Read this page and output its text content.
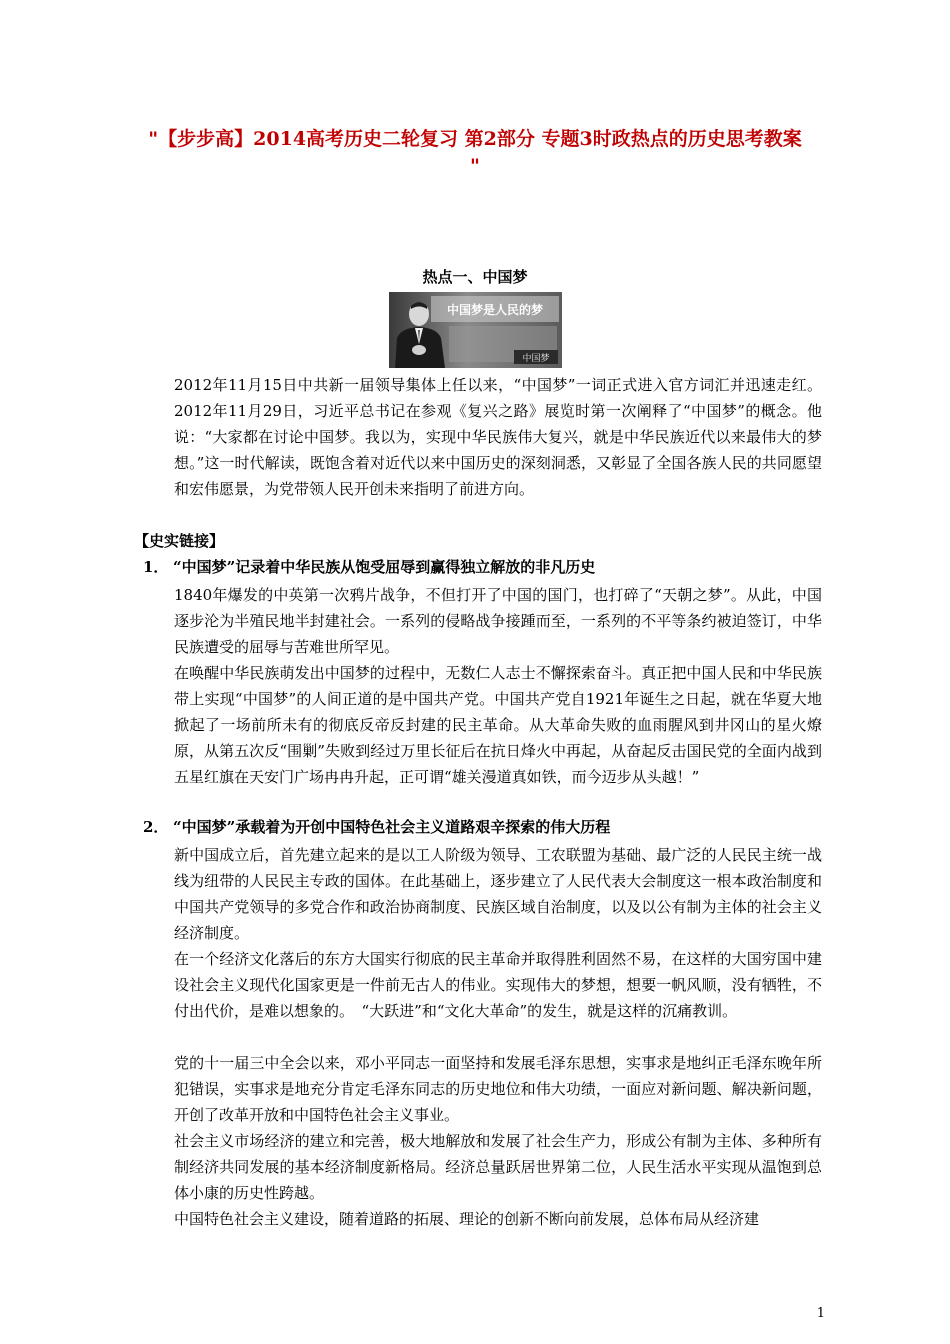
"【步步高】2014高考历史二轮复习 第2部分 专题3时政热点的历史思考教案
"
热点一、中国梦
中国梦是人民的梦
中国梦

2012年11月15日中共新一届领导集体上任以来，“中国梦”一词正式进入官方词汇并迅速走红。2012年11月29日，习近平总书记在参观《复兴之路》展览时第一次阐释了“中国梦”的概念。他说：“大家都在讨论中国梦。我以为，实现中华民族伟大复兴，就是中华民族近代以来最伟大的梦想。”这一时代解读，既饱含着对近代以来中国历史的深刻洞悉，又彰显了全国各族人民的共同愿望和宏伟愿景，为党带领人民开创未来指明了前进方向。

【史实链接】
1． “中国梦”记录着中华民族从饱受屈辱到赢得独立解放的非凡历史

1840年爆发的中英第一次鸦片战争，不但打开了中国的国门，也打碎了“天朝之梦”。从此，中国逐步沦为半殖民地半封建社会。一系列的侵略战争接踵而至，一系列的不平等条约被迫签订，中华民族遭受的屈辱与苦难世所罕见。

在唤醒中华民族萌发出中国梦的过程中，无数仁人志士不懈探索奋斗。真正把中国人民和中华民族带上实现“中国梦”的人间正道的是中国共产党。中国共产党自1921年诞生之日起，就在华夏大地掀起了一场前所未有的彻底反帝反封建的民主革命。从大革命失败的血雨腥风到井冈山的星火燎原，从第五次反“围剿”失败到经过万里长征后在抗日烽火中再起，从奋起反击国民党的全面内战到五星红旗在天安门广场冉冉升起，正可谓“雄关漫道真如铁，而今迈步从头越！”

2． “中国梦”承载着为开创中国特色社会主义道路艰辛探索的伟大历程

新中国成立后，首先建立起来的是以工人阶级为领导、工农联盟为基础、最广泛的人民民主统一战线为纽带的人民民主专政的国体。在此基础上，逐步建立了人民代表大会制度这一根本政治制度和中国共产党领导的多党合作和政治协商制度、民族区域自治制度，以及以公有制为主体的社会主义经济制度。

在一个经济文化落后的东方大国实行彻底的民主革命并取得胜利固然不易，在这样的大国穷国中建设社会主义现代化国家更是一件前无古人的伟业。实现伟大的梦想，想要一帆风顺，没有牺牲，不付出代价，是难以想象的。　“大跃进”和“文化大革命”的发生，就是这样的沉痛教训。

党的十一届三中全会以来，邓小平同志一面坚持和发展毛泽东思想，实事求是地纠正毛泽东晚年所犯错误，实事求是地充分肯定毛泽东同志的历史地位和伟大功绩，一面应对新问题、解决新问题，开创了改革开放和中国特色社会主义事业。

社会主义市场经济的建立和完善，极大地解放和发展了社会生产力，形成公有制为主体、多种所有制经济共同发展的基本经济制度新格局。经济总量跃居世界第二位，人民生活水平实现从温饱到总体小康的历史性跨越。

中国特色社会主义建设，随着道路的拓展、理论的创新不断向前发展，总体布局从经济建

1
